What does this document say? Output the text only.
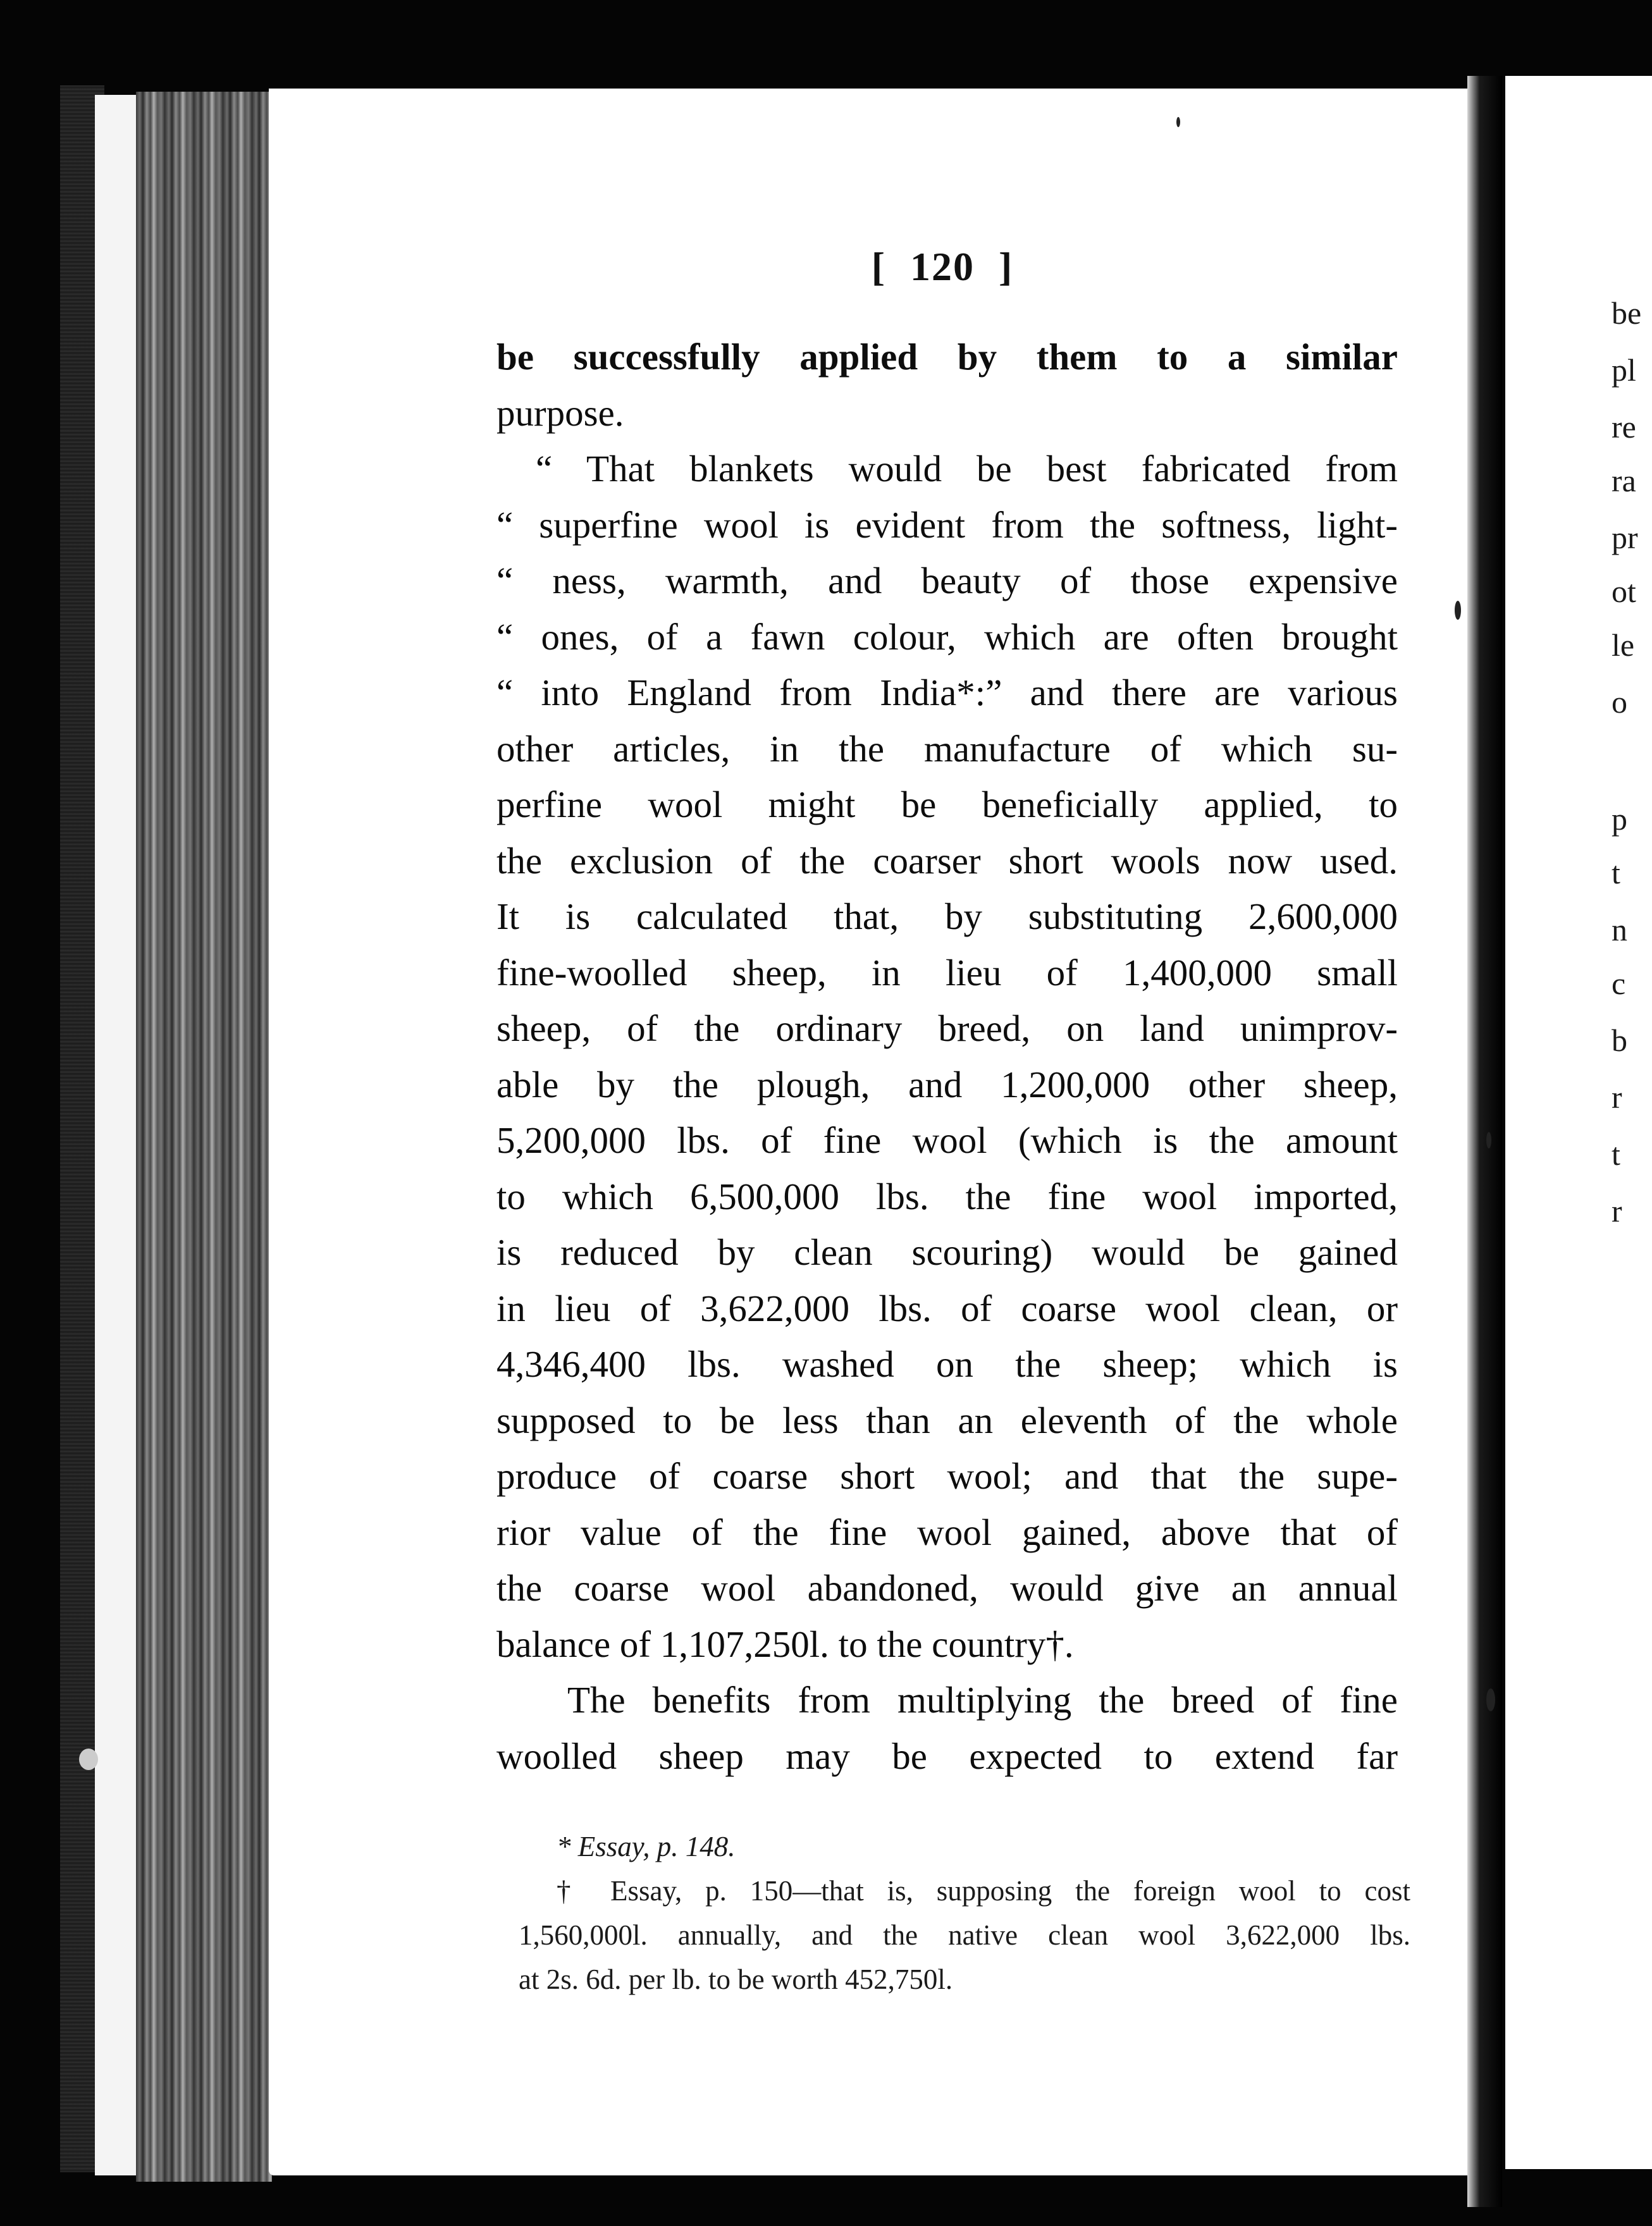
[ 120 ]
be successfully applied by them to a similar
purpose.
“ That blankets would be best fabricated from
“ superfine wool is evident from the softness, light-
“ ness, warmth, and beauty of those expensive
“ ones, of a fawn colour, which are often brought
“ into England from India*:” and there are various
other articles, in the manufacture of which su-
perfine wool might be beneficially applied, to
the exclusion of the coarser short wools now used.
It is calculated that, by substituting 2,600,000
fine-woolled sheep, in lieu of 1,400,000 small
sheep, of the ordinary breed, on land unimprov-
able by the plough, and 1,200,000 other sheep,
5,200,000 lbs. of fine wool (which is the amount
to which 6,500,000 lbs. the fine wool imported,
is reduced by clean scouring) would be gained
in lieu of 3,622,000 lbs. of coarse wool clean, or
4,346,400 lbs. washed on the sheep; which is
supposed to be less than an eleventh of the whole
produce of coarse short wool; and that the supe-
rior value of the fine wool gained, above that of
the coarse wool abandoned, would give an annual
balance of 1,107,250l. to the country†.
The benefits from multiplying the breed of fine
woolled sheep may be expected to extend far
* Essay, p. 148.
† Essay, p. 150—that is, supposing the foreign wool to cost
1,560,000l. annually, and the native clean wool 3,622,000 lbs.
at 2s. 6d. per lb. to be worth 452,750l.
be
pl
re
ra
pr
ot
le
o
p
t
n
c
b
r
t
r
